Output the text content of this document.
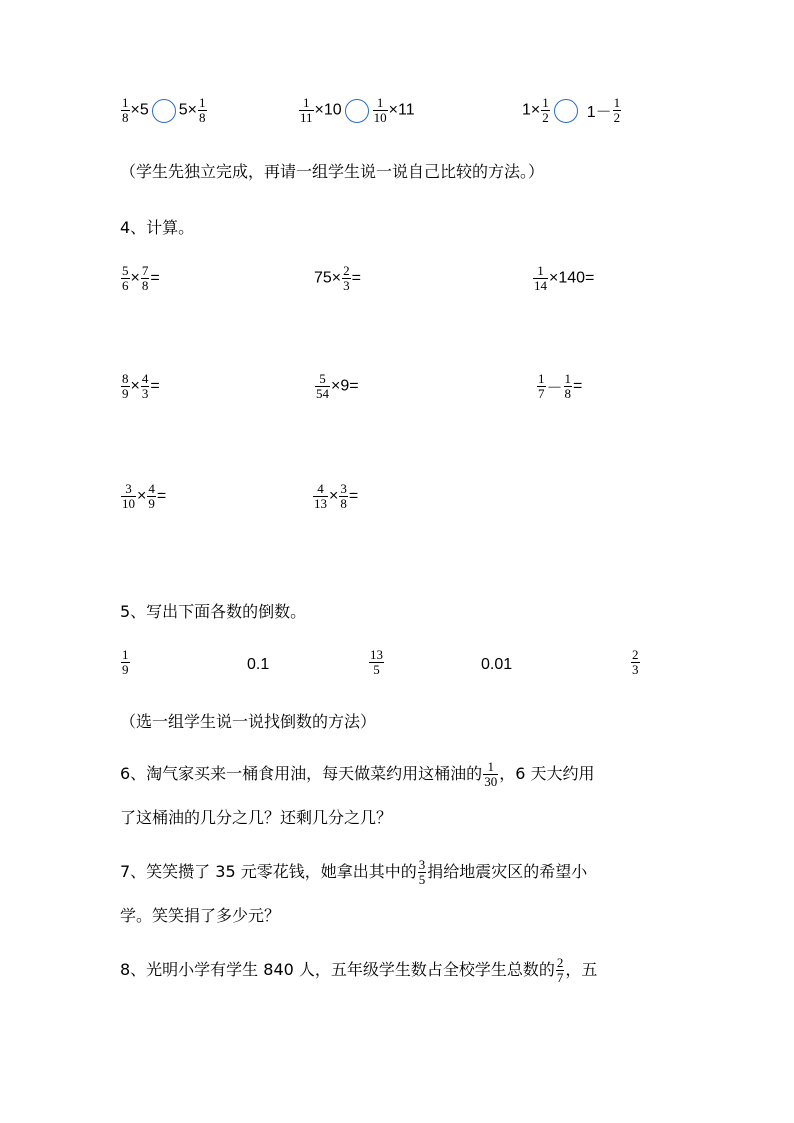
$\frac{1}{8} \times 5$ $5\times \frac{1}{8}$	$\frac{1}{11} \times 10 \frac{1}{10} \times 11$	$1\times \frac{1}{2} 1- \frac{1}{2}$
（学生先独立完成，再请一组学生说一说自己比较的方法。）
4、计算。
$\frac{5}{6} \times \frac{7}{8}$ =	$75\times \frac{2}{3}$ =	$\frac{1}{14} \times 140=$
$\frac{8}{9} \times \frac{4}{3}$ =	$\frac{5}{54} \times 9=$	$\frac{1}{7} - \frac{1}{8}$ =
$\frac{3}{10} \times \frac{4}{9}$ =	$\frac{4}{13} \times \frac{3}{8}$ =
5、写出下面各数的倒数。
$\frac{1}{9}$	0.1	$\frac{13}{5}$	0.01	$\frac{2}{3}$
（选一组学生说一说找倒数的方法）
6、淘气家买来一桶食用油，每天做菜约用这桶油的 $\frac{1}{30}$ ，6 天大约用
了这桶油的几分之几？还剩几分之几？
7、笑笑攒了 35 元零花钱，她拿出其中的 $\frac{3}{5}$ 捐给地震灾区的希望小
学。笑笑捐了多少元？
8、光明小学有学生 840 人，五年级学生数占全校学生总数的 $\frac{2}{7}$ ，五
